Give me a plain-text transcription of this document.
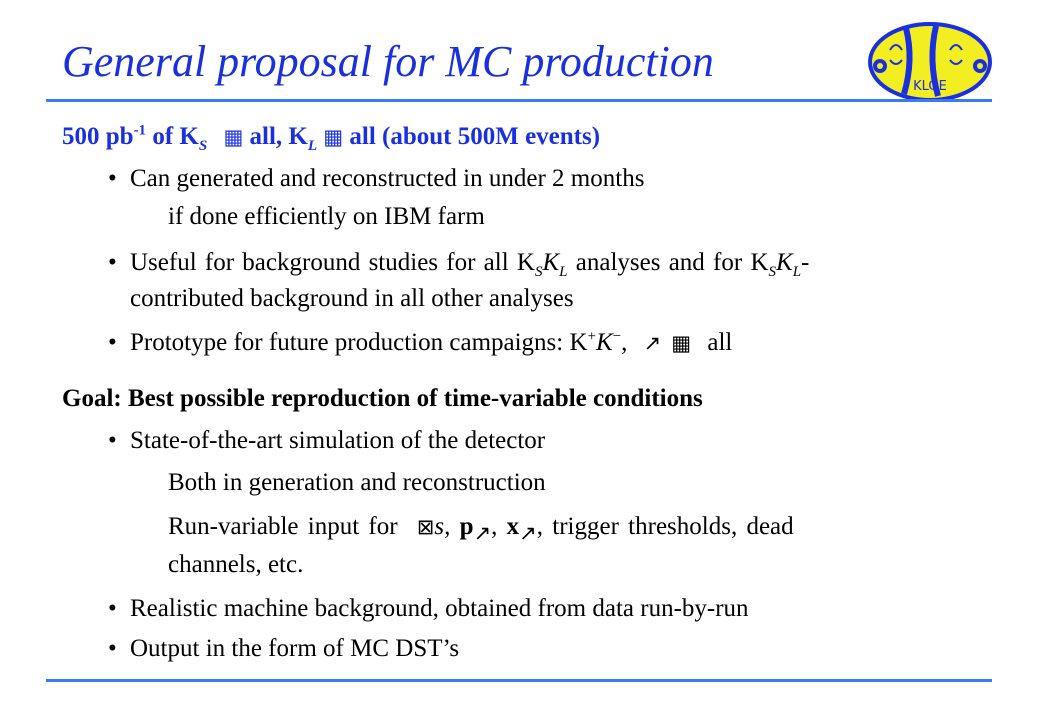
General proposal for MC production
KLOE
500 $pb^{-1}$ of $K_S$ ▦ all, $K_L$ ▦ all (about 500M events)
• Can generated and reconstructed in under 2 months
if done efficiently on IBM farm
• Useful for background studies for all $K_SK_L$ analyses and for $K_SK_L-$
contributed background in all other analyses
• Prototype for future production campaigns: K+K−, ↗ ▦ all
Goal: Best possible reproduction of time-variable conditions
• State-of-the-art simulation of the detector
Both in generation and reconstruction
Run-variable input for ⊠s, $p_↗$, $x_↗$, trigger thresholds, dead
channels, etc.
• Realistic machine background, obtained from data run-by-run
• Output in the form of MC DST’s
